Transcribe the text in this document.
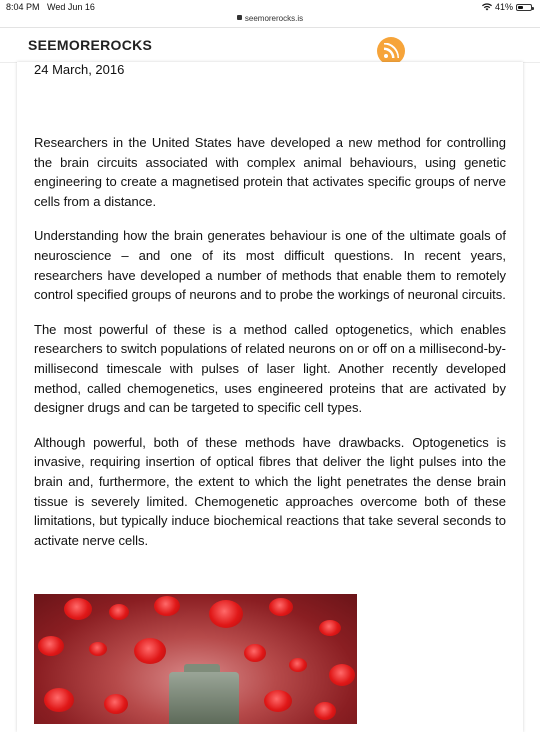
8:04 PM Wed Jun 16	41%
seemorerocks.is
SEEMOREROCKS
24 March, 2016

Researchers in the United States have developed a new method for controlling the brain circuits associated with complex animal behaviours, using genetic engineering to create a magnetised protein that activates specific groups of nerve cells from a distance.

Understanding how the brain generates behaviour is one of the ultimate goals of neuroscience – and one of its most difficult questions. In recent years, researchers have developed a number of methods that enable them to remotely control specified groups of neurons and to probe the workings of neuronal circuits.

The most powerful of these is a method called optogenetics, which enables researchers to switch populations of related neurons on or off on a millisecond-by-millisecond timescale with pulses of laser light. Another recently developed method, called chemogenetics, uses engineered proteins that are activated by designer drugs and can be targeted to specific cell types.

Although powerful, both of these methods have drawbacks. Optogenetics is invasive, requiring insertion of optical fibres that deliver the light pulses into the brain and, furthermore, the extent to which the light penetrates the dense brain tissue is severely limited. Chemogenetic approaches overcome both of these limitations, but typically induce biochemical reactions that take several seconds to activate nerve cells.
